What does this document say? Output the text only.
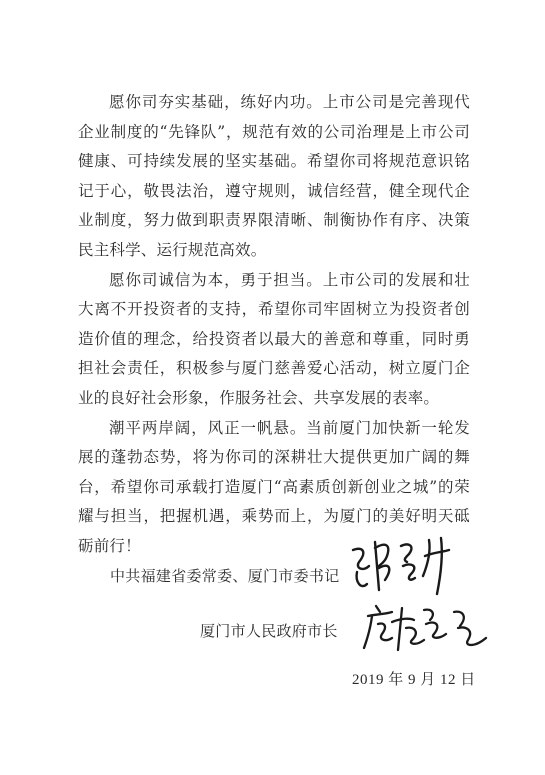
愿你司夯实基础，练好内功。上市公司是完善现代企业制度的“先锋队”，规范有效的公司治理是上市公司健康、可持续发展的坚实基础。希望你司将规范意识铭记于心，敬畏法治，遵守规则，诚信经营，健全现代企业制度，努力做到职责界限清晰、制衡协作有序、决策民主科学、运行规范高效。

愿你司诚信为本，勇于担当。上市公司的发展和壮大离不开投资者的支持，希望你司牢固树立为投资者创造价值的理念，给投资者以最大的善意和尊重，同时勇担社会责任，积极参与厦门慈善爱心活动，树立厦门企业的良好社会形象，作服务社会、共享发展的表率。

潮平两岸阔，风正一帆悬。当前厦门加快新一轮发展的蓬勃态势，将为你司的深耕壮大提供更加广阔的舞台，希望你司承载打造厦门“高素质创新创业之城”的荣耀与担当，把握机遇，乘势而上，为厦门的美好明天砥砺前行！

中共福建省委常委、厦门市委书记
厦门市人民政府市长
2019 年 9 月 12 日
